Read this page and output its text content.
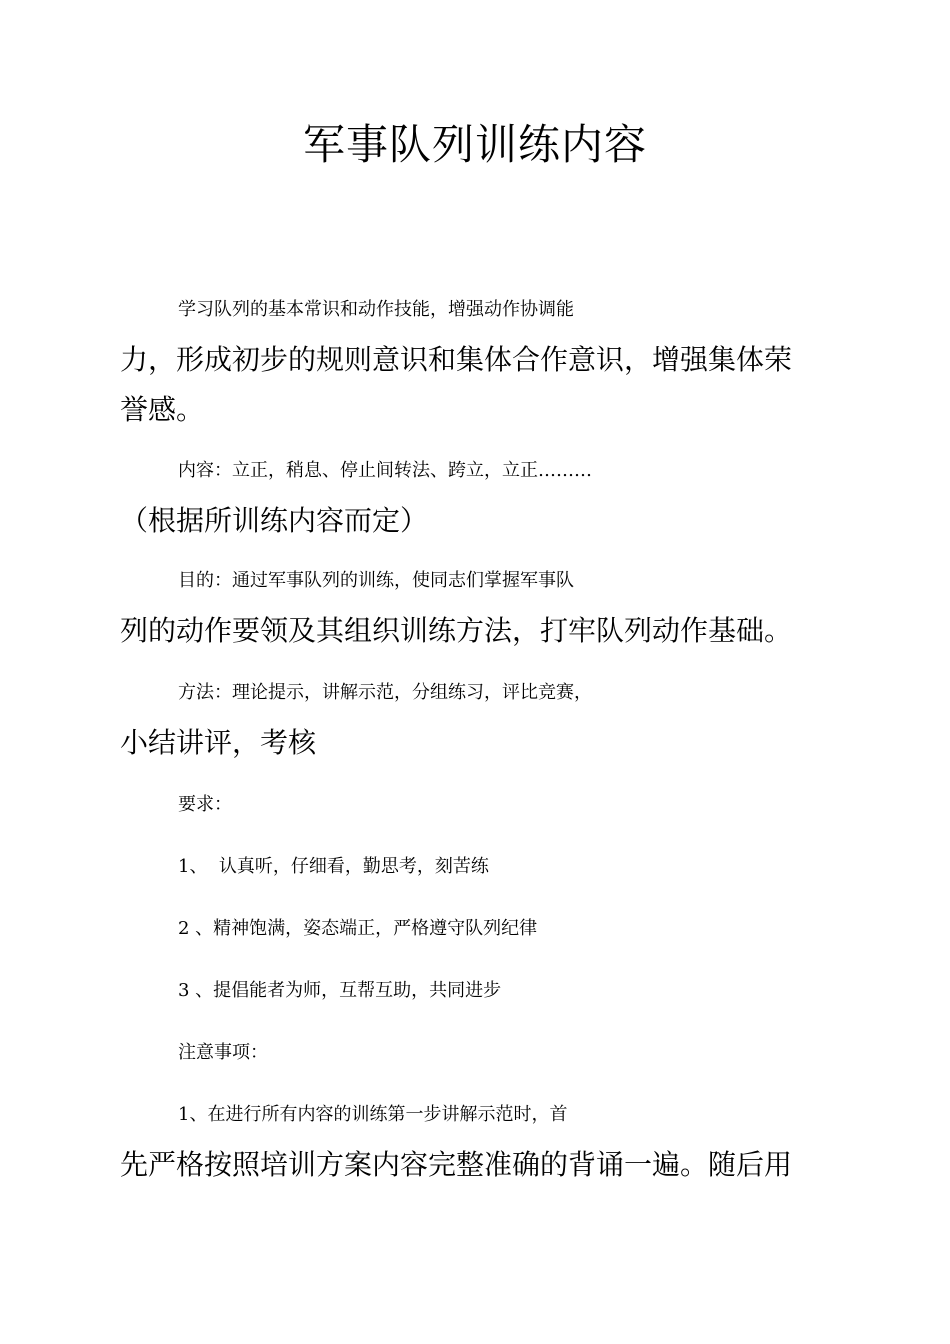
军事队列训练内容

学习队列的基本常识和动作技能，增强动作协调能
力，形成初步的规则意识和集体合作意识，增强集体荣
誉感。

内容：立正，稍息、停止间转法、跨立，立正………
（根据所训练内容而定）

目的：通过军事队列的训练，使同志们掌握军事队
列的动作要领及其组织训练方法，打牢队列动作基础。

方法：理论提示，讲解示范，分组练习，评比竞赛，
小结讲评，考核

要求：

1、  认真听，仔细看，勤思考，刻苦练

2 、精神饱满，姿态端正，严格遵守队列纪律

3 、提倡能者为师，互帮互助，共同进步

注意事项：

1、在进行所有内容的训练第一步讲解示范时，首
先严格按照培训方案内容完整准确的背诵一遍。随后用
